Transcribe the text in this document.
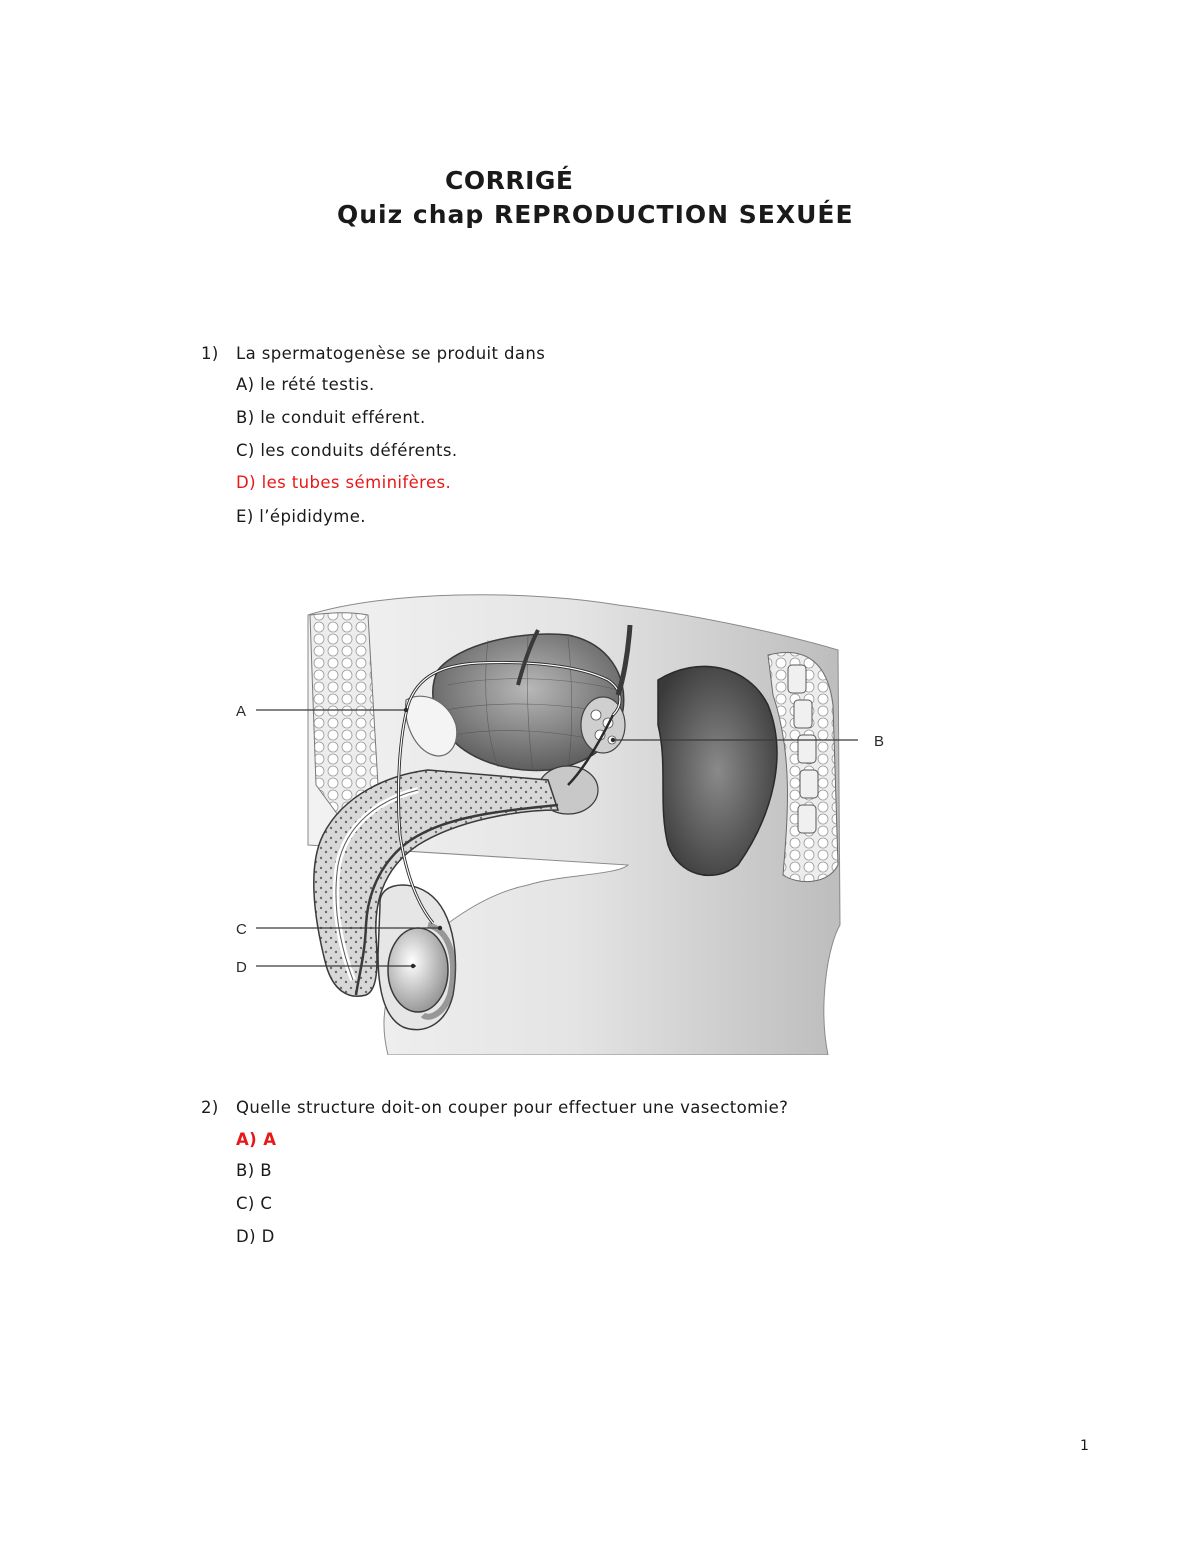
CORRIGÉ
Quiz chap REPRODUCTION SEXUÉE
1) La spermatogenèse se produit dans
A) le rété testis.
B) le conduit efférent.
C) les conduits déférents.
D) les tubes séminifères.
E) l’épididyme.
A
B
C
D
2) Quelle structure doit-on couper pour effectuer une vasectomie?
A) A
B) B
C) C
D) D
1
